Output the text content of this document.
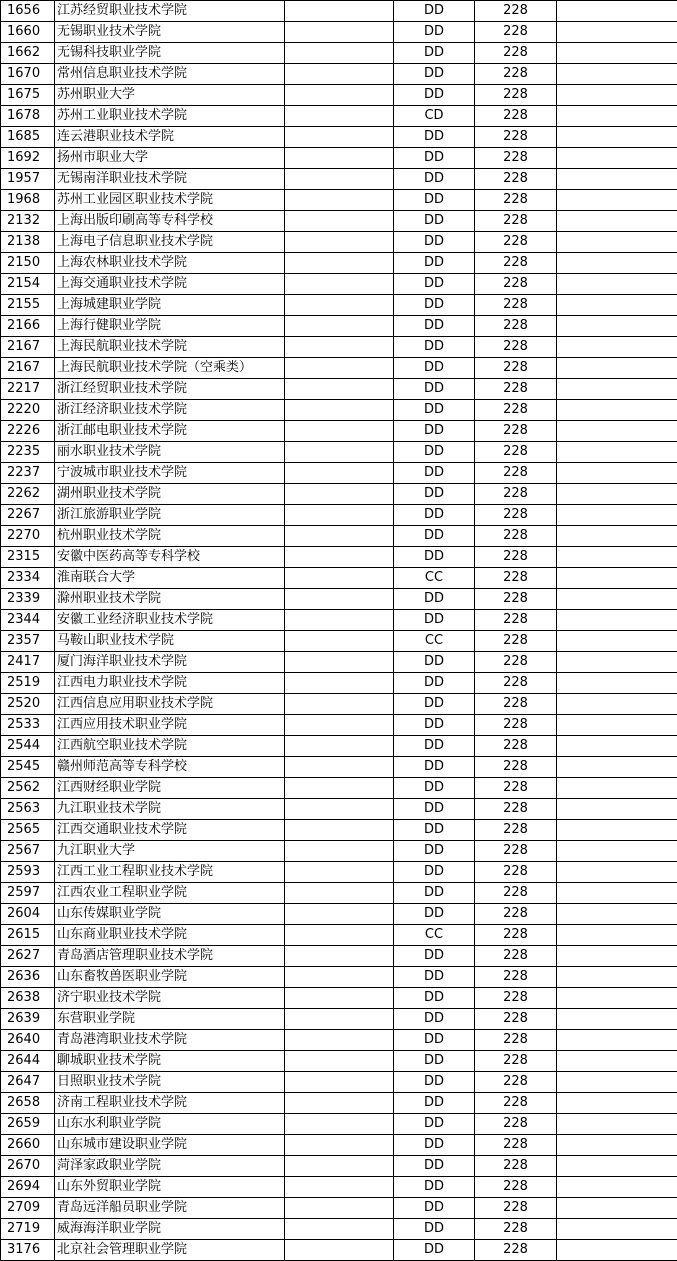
1656	江苏经贸职业技术学院		DD	228	
1660	无锡职业技术学院		DD	228	
1662	无锡科技职业学院		DD	228	
1670	常州信息职业技术学院		DD	228	
1675	苏州职业大学		DD	228	
1678	苏州工业职业技术学院		CD	228	
1685	连云港职业技术学院		DD	228	
1692	扬州市职业大学		DD	228	
1957	无锡南洋职业技术学院		DD	228	
1968	苏州工业园区职业技术学院		DD	228	
2132	上海出版印刷高等专科学校		DD	228	
2138	上海电子信息职业技术学院		DD	228	
2150	上海农林职业技术学院		DD	228	
2154	上海交通职业技术学院		DD	228	
2155	上海城建职业学院		DD	228	
2166	上海行健职业学院		DD	228	
2167	上海民航职业技术学院		DD	228	
2167	上海民航职业技术学院（空乘类）		DD	228	
2217	浙江经贸职业技术学院		DD	228	
2220	浙江经济职业技术学院		DD	228	
2226	浙江邮电职业技术学院		DD	228	
2235	丽水职业技术学院		DD	228	
2237	宁波城市职业技术学院		DD	228	
2262	湖州职业技术学院		DD	228	
2267	浙江旅游职业学院		DD	228	
2270	杭州职业技术学院		DD	228	
2315	安徽中医药高等专科学校		DD	228	
2334	淮南联合大学		CC	228	
2339	滁州职业技术学院		DD	228	
2344	安徽工业经济职业技术学院		DD	228	
2357	马鞍山职业技术学院		CC	228	
2417	厦门海洋职业技术学院		DD	228	
2519	江西电力职业技术学院		DD	228	
2520	江西信息应用职业技术学院		DD	228	
2533	江西应用技术职业学院		DD	228	
2544	江西航空职业技术学院		DD	228	
2545	赣州师范高等专科学校		DD	228	
2562	江西财经职业学院		DD	228	
2563	九江职业技术学院		DD	228	
2565	江西交通职业技术学院		DD	228	
2567	九江职业大学		DD	228	
2593	江西工业工程职业技术学院		DD	228	
2597	江西农业工程职业学院		DD	228	
2604	山东传媒职业学院		DD	228	
2615	山东商业职业技术学院		CC	228	
2627	青岛酒店管理职业技术学院		DD	228	
2636	山东畜牧兽医职业学院		DD	228	
2638	济宁职业技术学院		DD	228	
2639	东营职业学院		DD	228	
2640	青岛港湾职业技术学院		DD	228	
2644	聊城职业技术学院		DD	228	
2647	日照职业技术学院		DD	228	
2658	济南工程职业技术学院		DD	228	
2659	山东水利职业学院		DD	228	
2660	山东城市建设职业学院		DD	228	
2670	菏泽家政职业学院		DD	228	
2694	山东外贸职业学院		DD	228	
2709	青岛远洋船员职业学院		DD	228	
2719	威海海洋职业学院		DD	228	
3176	北京社会管理职业学院		DD	228	
